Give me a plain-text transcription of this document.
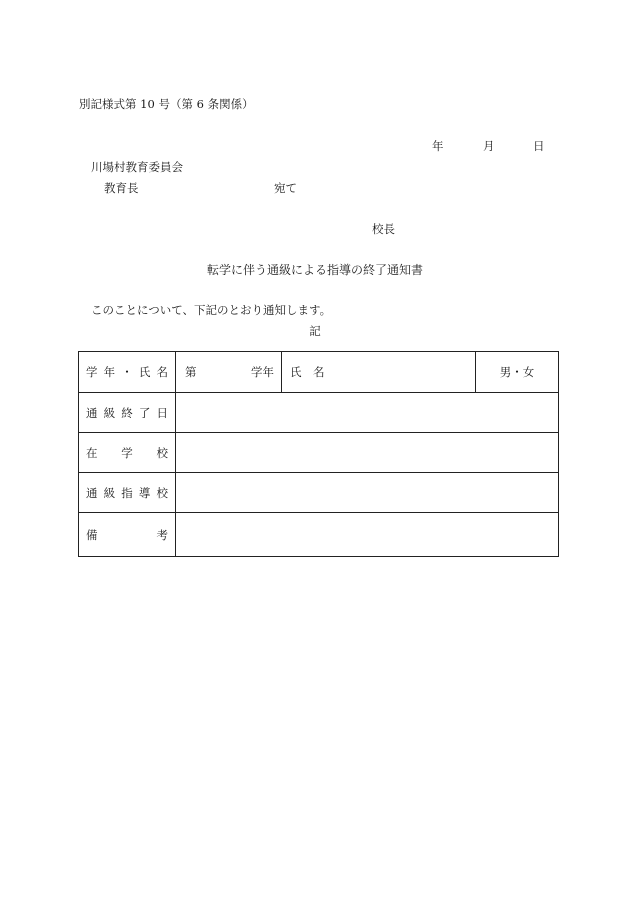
別記様式第 10 号（第 6 条関係）
年	月	日
川場村教育委員会
教育長	宛て
校長
転学に伴う通級による指導の終了通知書
このことについて、下記のとおり通知します。
記
学 年 ・ 氏 名	第 学年	氏　名	男・女

通 級 終 了 日			

在 学 校			

通 級 指 導 校			

備 考			
